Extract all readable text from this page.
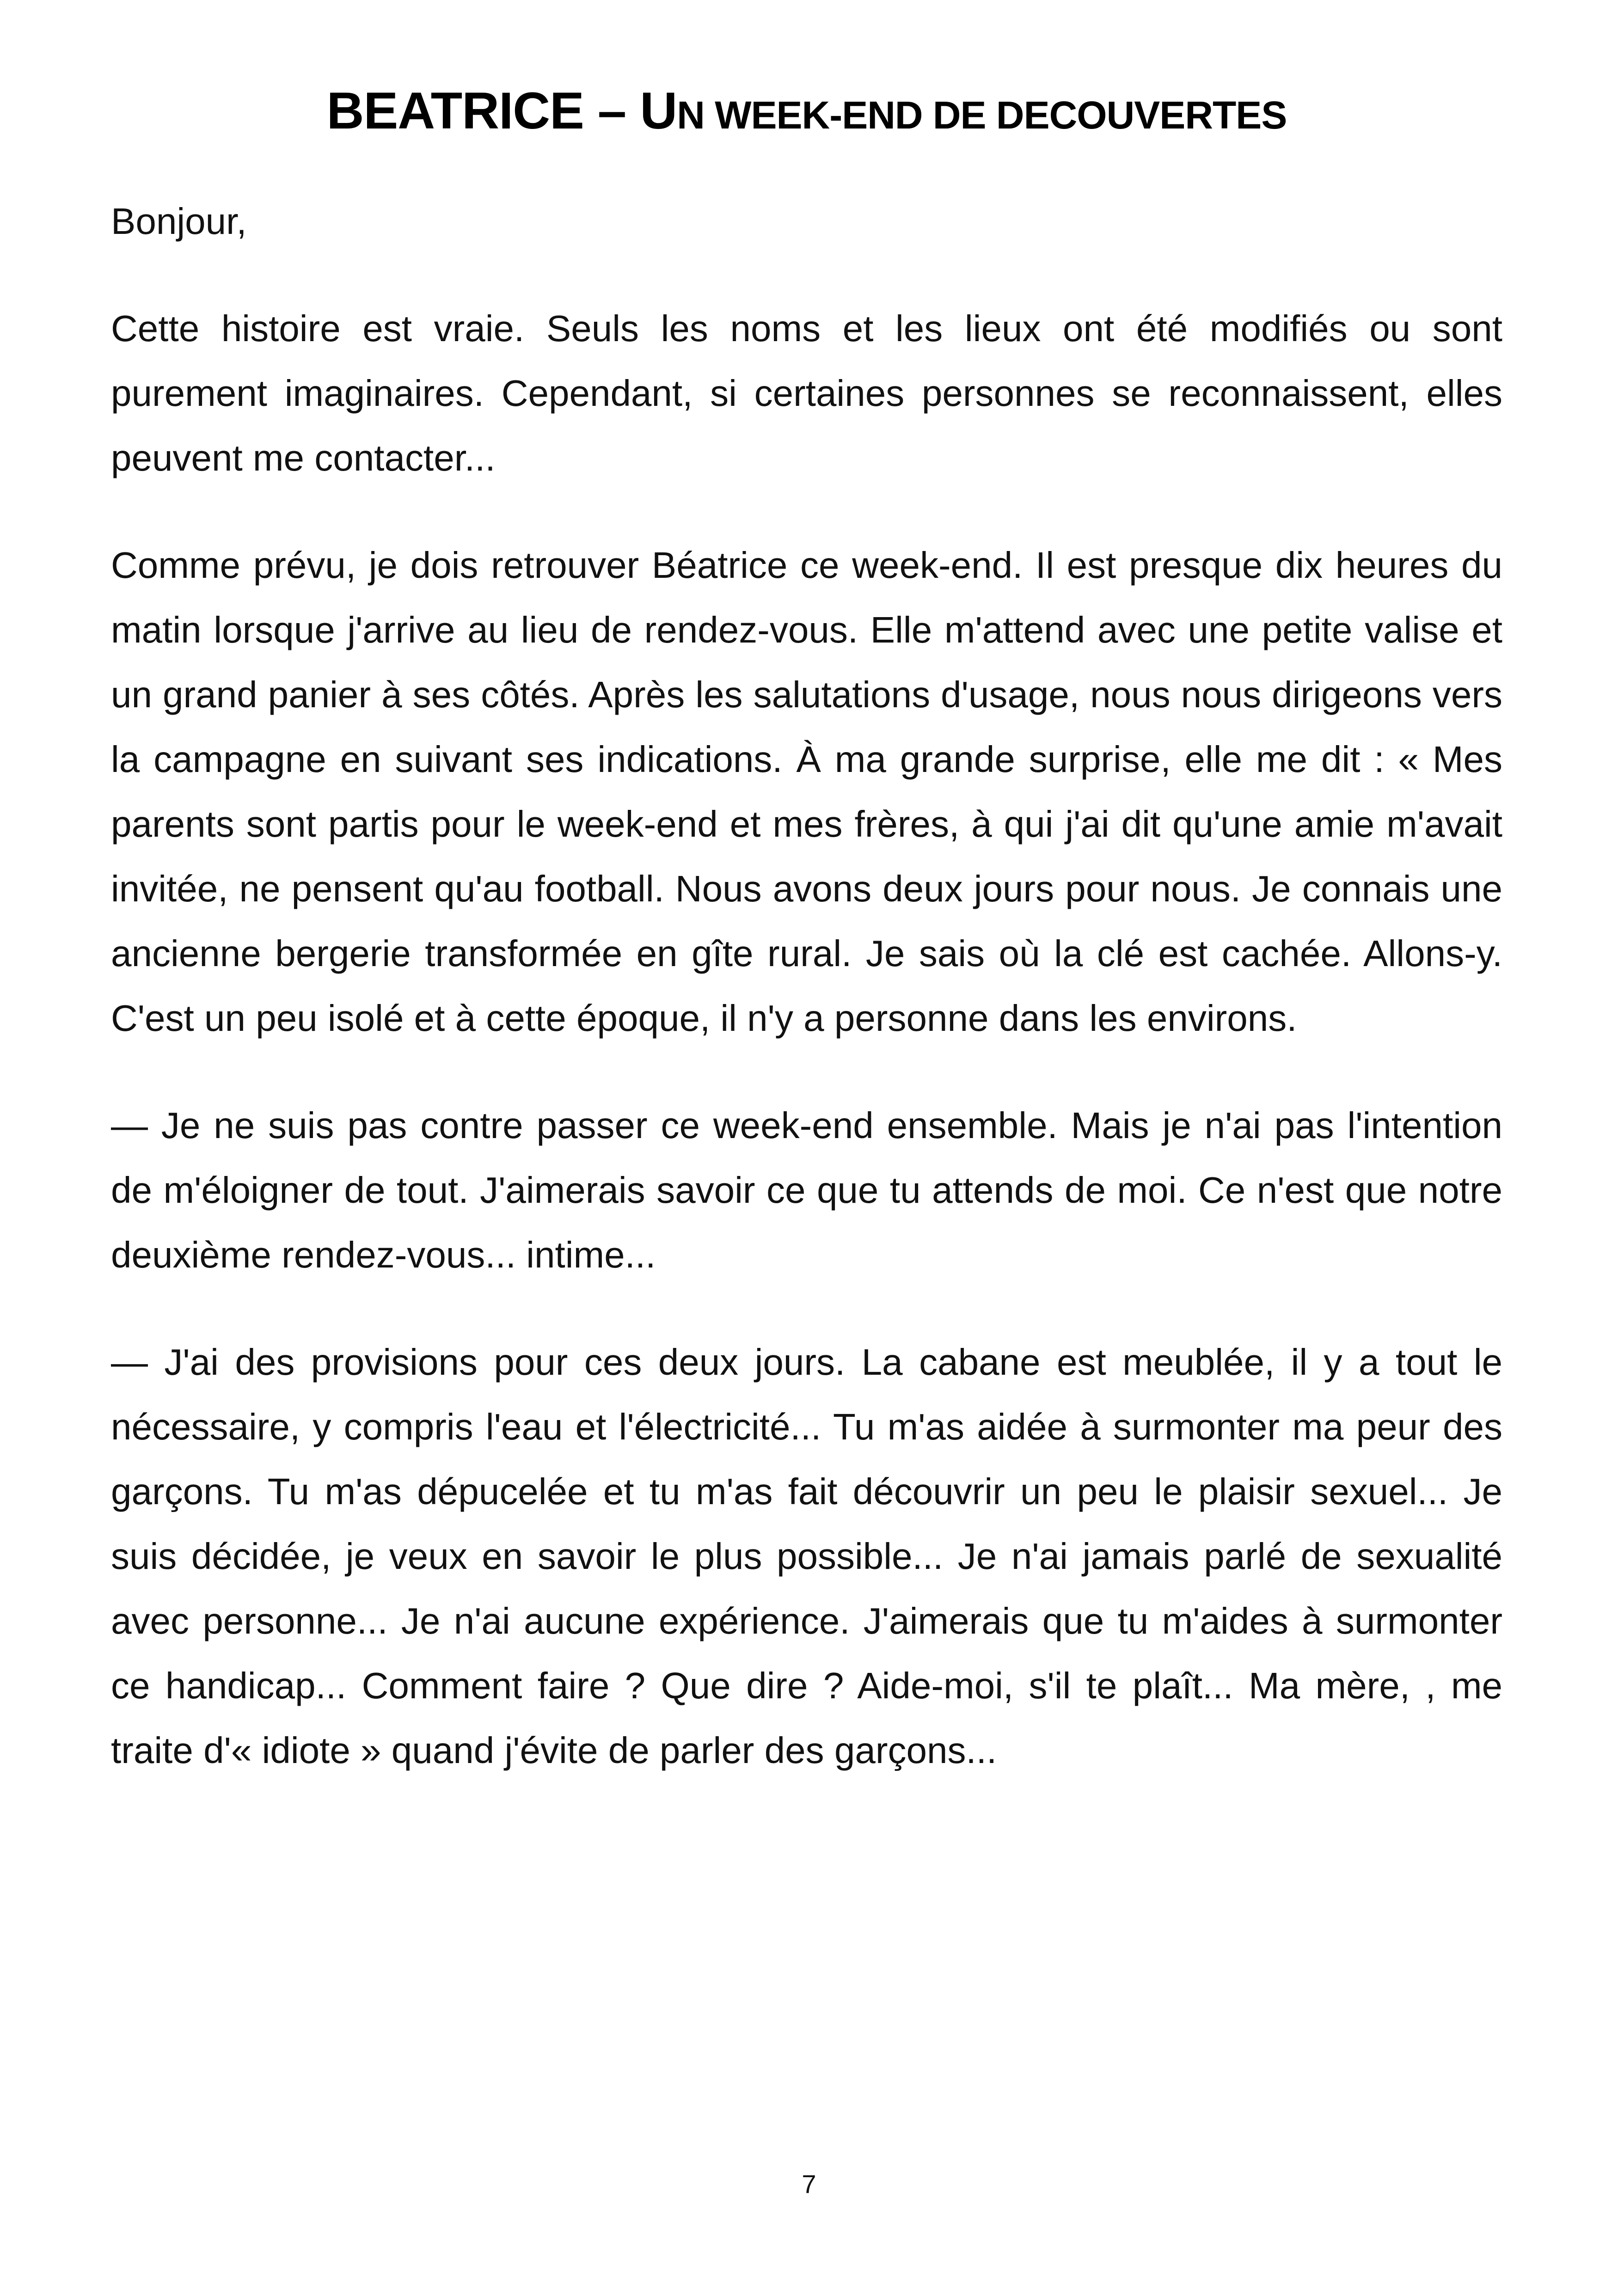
BEATRICE – UN WEEK-END DE DECOUVERTES

Bonjour,

Cette histoire est vraie. Seuls les noms et les lieux ont été modifiés ou sont purement imaginaires. Cependant, si certaines personnes se reconnaissent, elles peuvent me contacter...

Comme prévu, je dois retrouver Béatrice ce week-end. Il est presque dix heures du matin lorsque j'arrive au lieu de rendez-vous. Elle m'attend avec une petite valise et un grand panier à ses côtés. Après les salutations d'usage, nous nous dirigeons vers la campagne en suivant ses indications. À ma grande surprise, elle me dit : « Mes parents sont partis pour le week-end et mes frères, à qui j'ai dit qu'une amie m'avait invitée, ne pensent qu'au football. Nous avons deux jours pour nous. Je connais une ancienne bergerie transformée en gîte rural. Je sais où la clé est cachée. Allons-y. C'est un peu isolé et à cette époque, il n'y a personne dans les environs.

— Je ne suis pas contre passer ce week-end ensemble. Mais je n'ai pas l'intention de m'éloigner de tout. J'aimerais savoir ce que tu attends de moi. Ce n'est que notre deuxième rendez-vous... intime...

— J'ai des provisions pour ces deux jours. La cabane est meublée, il y a tout le nécessaire, y compris l'eau et l'électricité... Tu m'as aidée à surmonter ma peur des garçons. Tu m'as dépucelée et tu m'as fait découvrir un peu le plaisir sexuel... Je suis décidée, je veux en savoir le plus possible... Je n'ai jamais parlé de sexualité avec personne... Je n'ai aucune expérience. J'aimerais que tu m'aides à surmonter ce handicap... Comment faire ? Que dire ? Aide-moi, s'il te plaît... Ma mère, , me traite d'« idiote » quand j'évite de parler des garçons...

7
